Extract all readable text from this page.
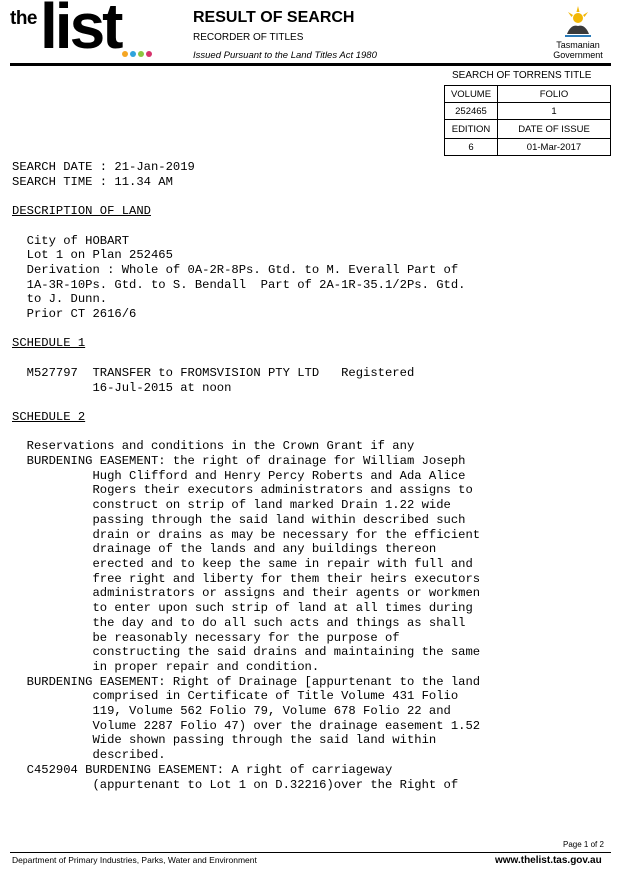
the list	RESULT OF SEARCH
RECORDER OF TITLES
Issued Pursuant to the Land Titles Act 1980
Tasmanian
Government
SEARCH OF TORRENS TITLE
VOLUME	FOLIO
252465	1
EDITION	DATE OF ISSUE
6	01-Mar-2017
SEARCH DATE : 21-Jan-2019
SEARCH TIME : 11.34 AM

DESCRIPTION OF LAND

City of HOBART
Lot 1 on Plan 252465
Derivation : Whole of 0A-2R-8Ps. Gtd. to M. Everall Part of
1A-3R-10Ps. Gtd. to S. Bendall  Part of 2A-1R-35.1/2Ps. Gtd.
to J. Dunn.
Prior CT 2616/6

SCHEDULE 1

M527797  TRANSFER to FROMSVISION PTY LTD   Registered
16-Jul-2015 at noon

SCHEDULE 2

Reservations and conditions in the Crown Grant if any
BURDENING EASEMENT: the right of drainage for William Joseph
Hugh Clifford and Henry Percy Roberts and Ada Alice
Rogers their executors administrators and assigns to
construct on strip of land marked Drain 1.22 wide
passing through the said land within described such
drain or drains as may be necessary for the efficient
drainage of the lands and any buildings thereon
erected and to keep the same in repair with full and
free right and liberty for them their heirs executors
administrators or assigns and their agents or workmen
to enter upon such strip of land at all times during
the day and to do all such acts and things as shall
be reasonably necessary for the purpose of
constructing the said drains and maintaining the same
in proper repair and condition.
BURDENING EASEMENT: Right of Drainage [appurtenant to the land
comprised in Certificate of Title Volume 431 Folio
119, Volume 562 Folio 79, Volume 678 Folio 22 and
Volume 2287 Folio 47) over the drainage easement 1.52
Wide shown passing through the said land within
described.
C452904 BURDENING EASEMENT: A right of carriageway
(appurtenant to Lot 1 on D.32216)over the Right of
Page 1 of 2
Department of Primary Industries, Parks, Water and Environment	www.thelist.tas.gov.au
